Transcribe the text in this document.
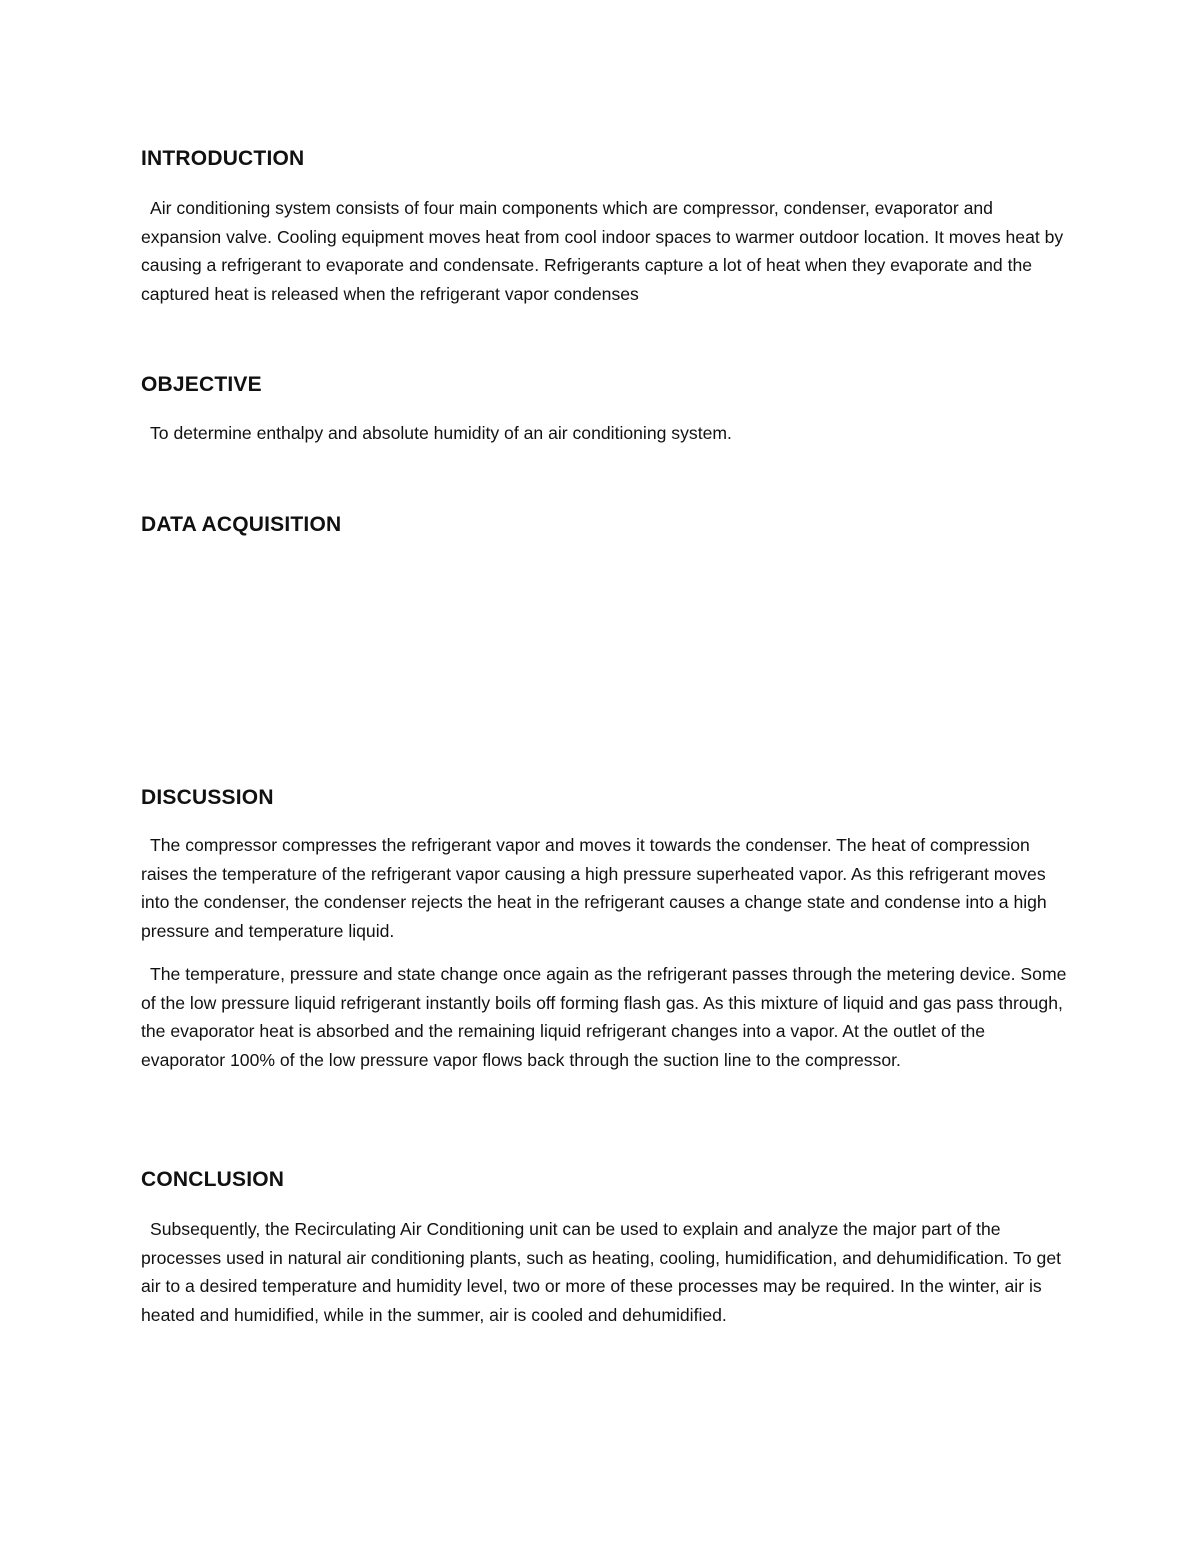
INTRODUCTION

Air conditioning system consists of four main components which are compressor, condenser, evaporator and expansion valve. Cooling equipment moves heat from cool indoor spaces to warmer outdoor location. It moves heat by causing a refrigerant to evaporate and condensate. Refrigerants capture a lot of heat when they evaporate and the captured heat is released when the refrigerant vapor condenses

OBJECTIVE

To determine enthalpy and absolute humidity of an air conditioning system.

DATA ACQUISITION
DISCUSSION

The compressor compresses the refrigerant vapor and moves it towards the condenser. The heat of compression raises the temperature of the refrigerant vapor causing a high pressure superheated vapor. As this refrigerant moves into the condenser, the condenser rejects the heat in the refrigerant causes a change state and condense into a high pressure and temperature liquid.

The temperature, pressure and state change once again as the refrigerant passes through the metering device. Some of the low pressure liquid refrigerant instantly boils off forming flash gas. As this mixture of liquid and gas pass through, the evaporator heat is absorbed and the remaining liquid refrigerant changes into a vapor. At the outlet of the evaporator 100% of the low pressure vapor flows back through the suction line to the compressor.

CONCLUSION

Subsequently, the Recirculating Air Conditioning unit can be used to explain and analyze the major part of the processes used in natural air conditioning plants, such as heating, cooling, humidification, and dehumidification. To get air to a desired temperature and humidity level, two or more of these processes may be required. In the winter, air is heated and humidified, while in the summer, air is cooled and dehumidified.
